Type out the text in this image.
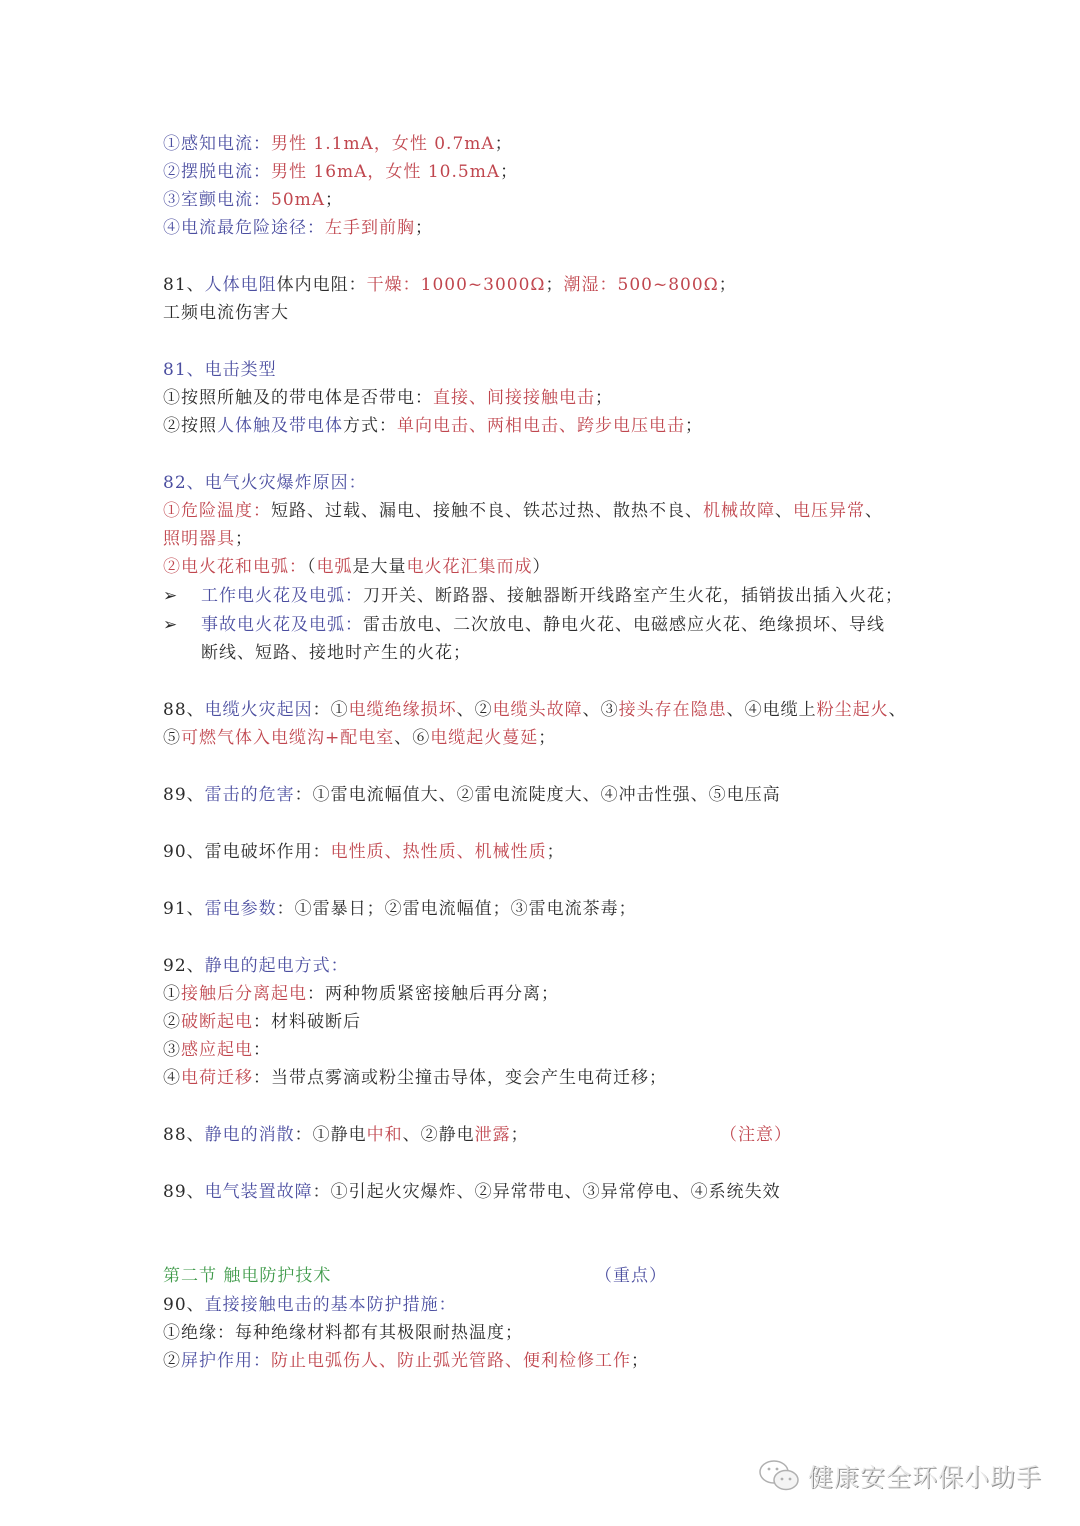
①感知电流：男性 1.1mA，女性 0.7mA；
②摆脱电流：男性 16mA，女性 10.5mA；
③室颤电流：50mA；
④电流最危险途径：左手到前胸；
81、人体电阻体内电阻：干燥：1000~3000Ω；潮湿：500~800Ω；
工频电流伤害大
81、电击类型
①按照所触及的带电体是否带电：直接、间接接触电击；
②按照人体触及带电体方式：单向电击、两相电击、跨步电压电击；
82、电气火灾爆炸原因：
①危险温度：短路、过载、漏电、接触不良、铁芯过热、散热不良、机械故障、电压异常、
照明器具；
②电火花和电弧：（电弧是大量电火花汇集而成）
➢ 工作电火花及电弧：刀开关、断路器、接触器断开线路室产生火花，插销拔出插入火花；
➢ 事故电火花及电弧：雷击放电、二次放电、静电火花、电磁感应火花、绝缘损坏、导线
断线、短路、接地时产生的火花；
88、电缆火灾起因：①电缆绝缘损坏、②电缆头故障、③接头存在隐患、④电缆上粉尘起火、
⑤可燃气体入电缆沟+配电室、⑥电缆起火蔓延；
89、雷击的危害：①雷电流幅值大、②雷电流陡度大、④冲击性强、⑤电压高
90、雷电破坏作用：电性质、热性质、机械性质；
91、雷电参数：①雷暴日；②雷电流幅值；③雷电流茶毒；
92、静电的起电方式：
①接触后分离起电：两种物质紧密接触后再分离；
②破断起电：材料破断后
③感应起电：
④电荷迁移：当带点雾滴或粉尘撞击导体，变会产生电荷迁移；
88、静电的消散：①静电中和、②静电泄露；	（注意）
89、电气装置故障：①引起火灾爆炸、②异常带电、③异常停电、④系统失效
第二节 触电防护技术	（重点）
90、直接接触电击的基本防护措施：
①绝缘：每种绝缘材料都有其极限耐热温度；
②屏护作用：防止电弧伤人、防止弧光管路、便利检修工作；
健康安全环保小助手
